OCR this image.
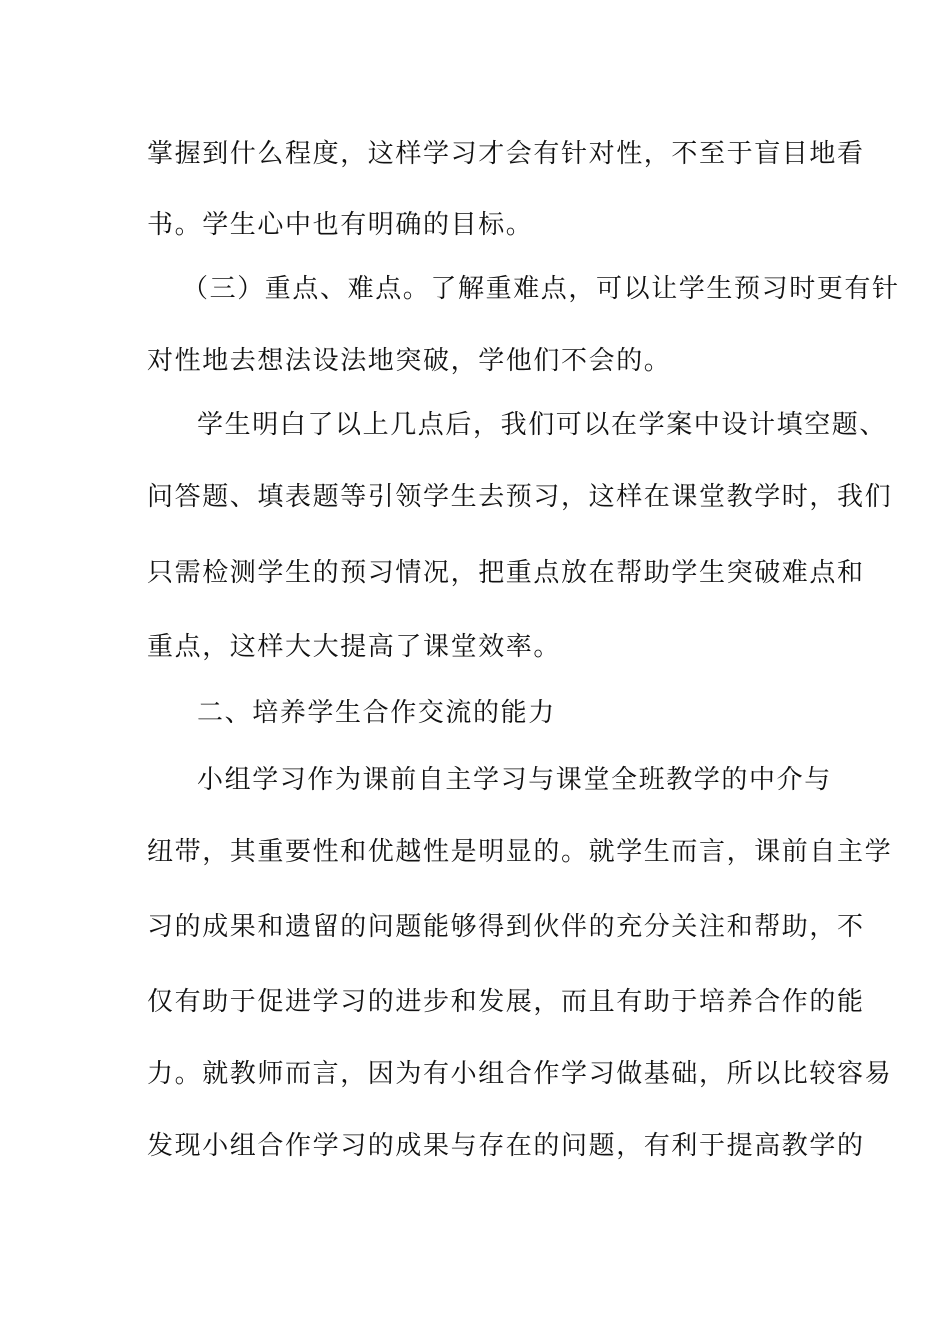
掌握到什么程度，这样学习才会有针对性，不至于盲目地看
书。学生心中也有明确的目标。
（三）重点、难点。了解重难点，可以让学生预习时更有针
对性地去想法设法地突破，学他们不会的。
学生明白了以上几点后，我们可以在学案中设计填空题、
问答题、填表题等引领学生去预习，这样在课堂教学时，我们
只需检测学生的预习情况，把重点放在帮助学生突破难点和
重点，这样大大提高了课堂效率。
二、培养学生合作交流的能力
小组学习作为课前自主学习与课堂全班教学的中介与
纽带，其重要性和优越性是明显的。就学生而言，课前自主学
习的成果和遗留的问题能够得到伙伴的充分关注和帮助，不
仅有助于促进学习的进步和发展，而且有助于培养合作的能
力。就教师而言，因为有小组合作学习做基础，所以比较容易
发现小组合作学习的成果与存在的问题，有利于提高教学的
